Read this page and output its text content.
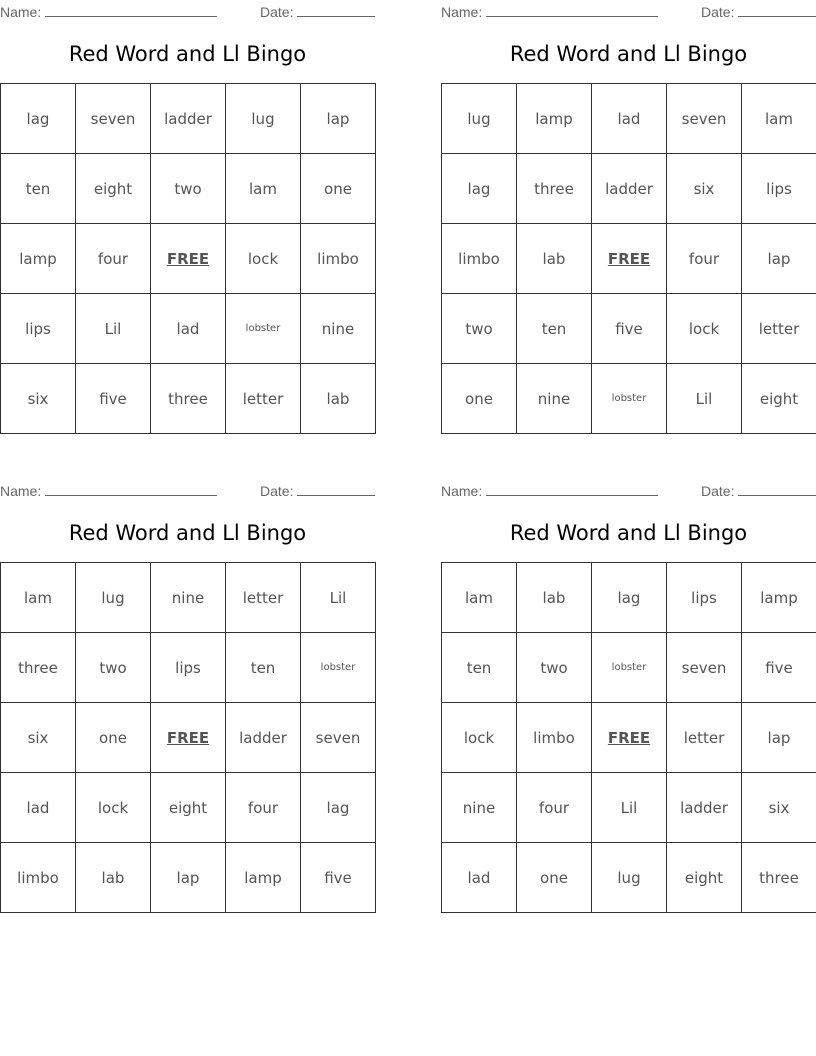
Name:	Date:
Red Word and Ll Bingo
lag	seven	ladder	lug	lap
ten	eight	two	lam	one
lamp	four	FREE	lock	limbo
lips	Lil	lad	lobster	nine
six	five	three	letter	lab
Name:	Date:
Red Word and Ll Bingo
lug	lamp	lad	seven	lam
lag	three	ladder	six	lips
limbo	lab	FREE	four	lap
two	ten	five	lock	letter
one	nine	lobster	Lil	eight
Name:	Date:
Red Word and Ll Bingo
lam	lug	nine	letter	Lil
three	two	lips	ten	lobster
six	one	FREE	ladder	seven
lad	lock	eight	four	lag
limbo	lab	lap	lamp	five
Name:	Date:
Red Word and Ll Bingo
lam	lab	lag	lips	lamp
ten	two	lobster	seven	five
lock	limbo	FREE	letter	lap
nine	four	Lil	ladder	six
lad	one	lug	eight	three
